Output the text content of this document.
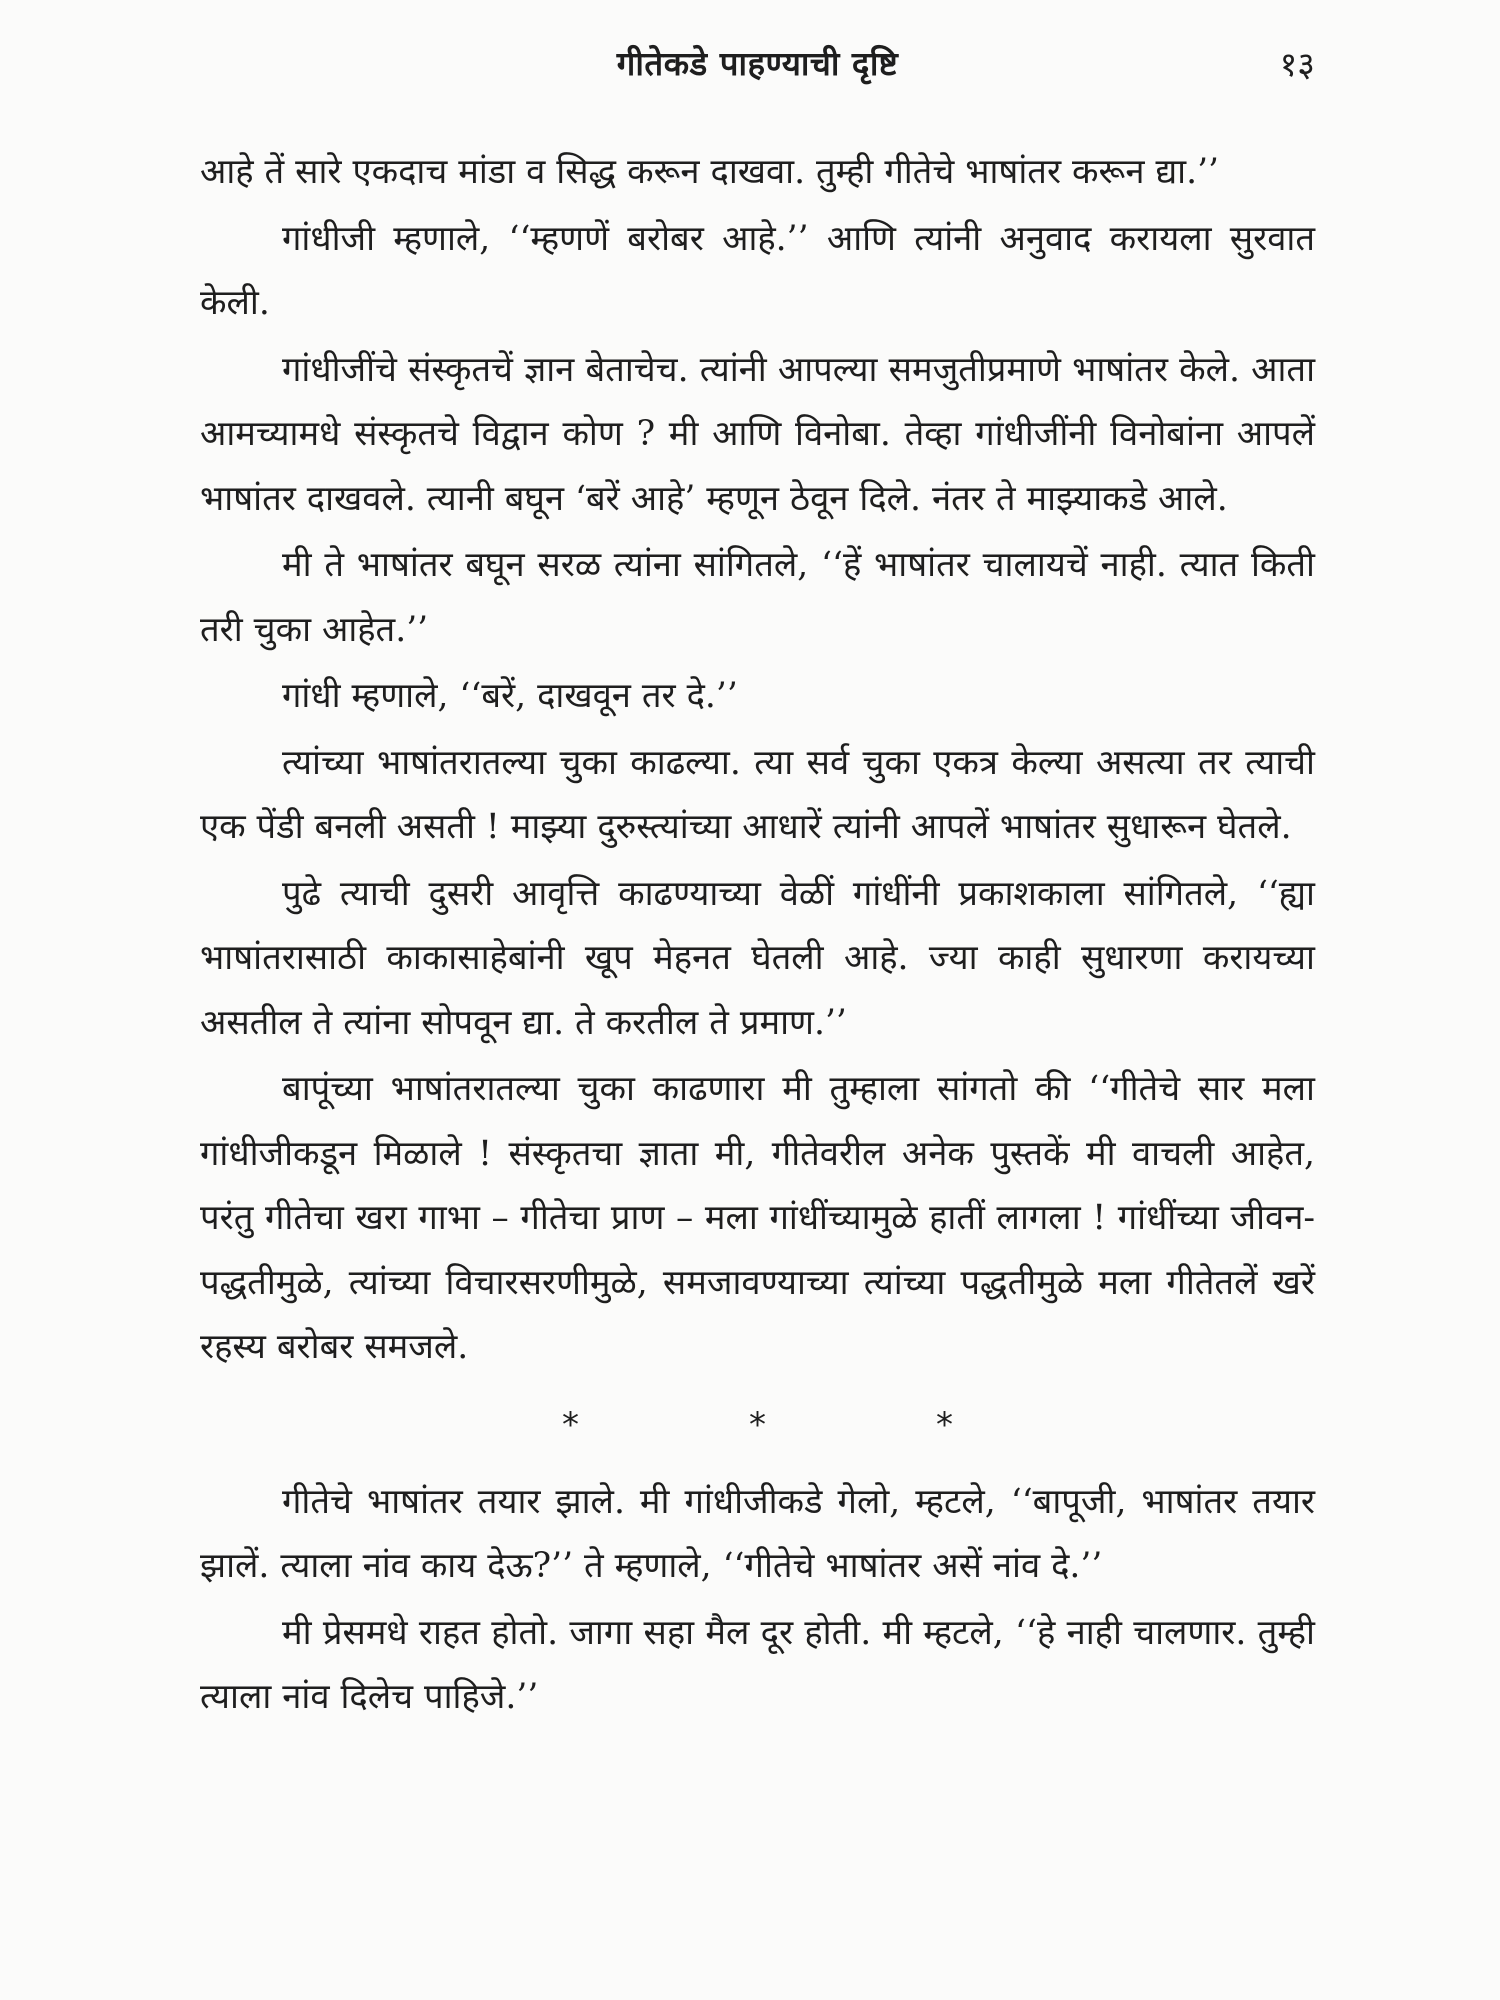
गीतेकडे पाहण्याची दृष्टि	१३

आहे तें सारे एकदाच मांडा व सिद्ध करून दाखवा. तुम्ही गीतेचे भाषांतर करून द्या.’’

गांधीजी म्हणाले, ‘‘म्हणणें बरोबर आहे.’’ आणि त्यांनी अनुवाद करायला सुरवात केली.

गांधीजींचे संस्कृतचें ज्ञान बेताचेच. त्यांनी आपल्या समजुतीप्रमाणे भाषांतर केले. आता आमच्यामधे संस्कृतचे विद्वान कोण ? मी आणि विनोबा. तेव्हा गांधीजींनी विनोबांना आपलें भाषांतर दाखवले. त्यानी बघून ‘बरें आहे’ म्हणून ठेवून दिले. नंतर ते माझ्याकडे आले.

मी ते भाषांतर बघून सरळ त्यांना सांगितले, ‘‘हें भाषांतर चालायचें नाही. त्यात किती तरी चुका आहेत.’’

गांधी म्हणाले, ‘‘बरें, दाखवून तर दे.’’

त्यांच्या भाषांतरातल्या चुका काढल्या. त्या सर्व चुका एकत्र केल्या असत्या तर त्याची एक पेंडी बनली असती ! माझ्या दुरुस्त्यांच्या आधारें त्यांनी आपलें भाषांतर सुधारून घेतले.

पुढे त्याची दुसरी आवृत्ति काढण्याच्या वेळीं गांधींनी प्रकाशकाला सांगितले, ‘‘ह्या भाषांतरासाठी काकासाहेबांनी खूप मेहनत घेतली आहे. ज्या काही सुधारणा करायच्या असतील ते त्यांना सोपवून द्या. ते करतील ते प्रमाण.’’

बापूंच्या भाषांतरातल्या चुका काढणारा मी तुम्हाला सांगतो की ‘‘गीतेचे सार मला गांधीजीकडून मिळाले ! संस्कृतचा ज्ञाता मी, गीतेवरील अनेक पुस्तकें मी वाचली आहेत, परंतु गीतेचा खरा गाभा – गीतेचा प्राण – मला गांधींच्यामुळे हातीं लागला ! गांधींच्या जीवन-पद्धतीमुळे, त्यांच्या विचारसरणीमुळे, समजावण्याच्या त्यांच्या पद्धतीमुळे मला गीतेतलें खरें रहस्य बरोबर समजले.

*	*	*

गीतेचे भाषांतर तयार झाले. मी गांधीजीकडे गेलो, म्हटले, ‘‘बापूजी, भाषांतर तयार झालें. त्याला नांव काय देऊ?’’ ते म्हणाले, ‘‘गीतेचे भाषांतर असें नांव दे.’’

मी प्रेसमधे राहत होतो. जागा सहा मैल दूर होती. मी म्हटले, ‘‘हे नाही चालणार. तुम्ही त्याला नांव दिलेच पाहिजे.’’
